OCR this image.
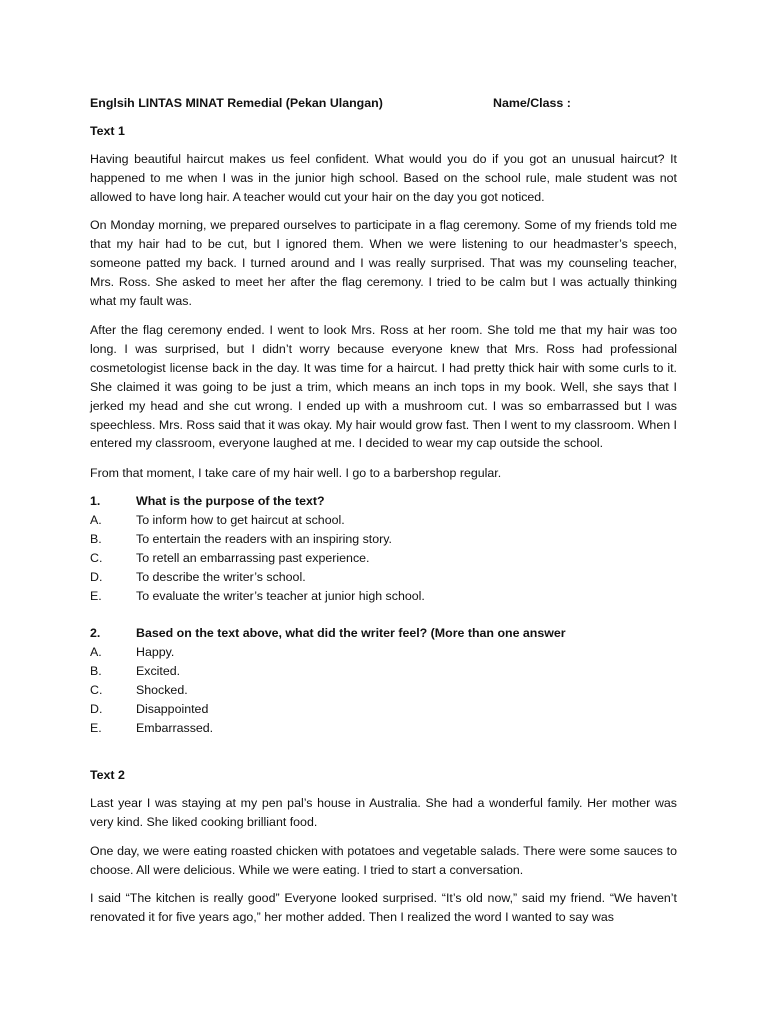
Englsih LINTAS MINAT Remedial (Pekan Ulangan)	Name/Class :

Text 1

Having beautiful haircut makes us feel confident. What would you do if you got an unusual haircut? It happened to me when I was in the junior high school. Based on the school rule, male student was not allowed to have long hair. A teacher would cut your hair on the day you got noticed.

On Monday morning, we prepared ourselves to participate in a flag ceremony. Some of my friends told me that my hair had to be cut, but I ignored them. When we were listening to our headmaster’s speech, someone patted my back. I turned around and I was really surprised. That was my counseling teacher, Mrs. Ross. She asked to meet her after the flag ceremony. I tried to be calm but I was actually thinking what my fault was.

After the flag ceremony ended. I went to look Mrs. Ross at her room. She told me that my hair was too long. I was surprised, but I didn’t worry because everyone knew that Mrs. Ross had professional cosmetologist license back in the day. It was time for a haircut. I had pretty thick hair with some curls to it. She claimed it was going to be just a trim, which means an inch tops in my book. Well, she says that I jerked my head and she cut wrong. I ended up with a mushroom cut. I was so embarrassed but I was speechless. Mrs. Ross said that it was okay. My hair would grow fast. Then I went to my classroom. When I entered my classroom, everyone laughed at me. I decided to wear my cap outside the school.

From that moment, I take care of my hair well. I go to a barbershop regular.

1.	What is the purpose of the text?
A.	To inform how to get haircut at school.
B.	To entertain the readers with an inspiring story.
C.	To retell an embarrassing past experience.
D.	To describe the writer’s school.
E.	To evaluate the writer’s teacher at junior high school.
2.	Based on the text above, what did the writer feel? (More than one answer
A.	Happy.
B.	Excited.
C.	Shocked.
D.	Disappointed
E.	Embarrassed.

Text 2

Last year I was staying at my pen pal’s house in Australia. She had a wonderful family. Her mother was very kind. She liked cooking brilliant food.

One day, we were eating roasted chicken with potatoes and vegetable salads. There were some sauces to choose. All were delicious. While we were eating. I tried to start a conversation.

I said “The kitchen is really good” Everyone looked surprised. “It’s old now,” said my friend. “We haven’t renovated it for five years ago,” her mother added. Then I realized the word I wanted to say was
